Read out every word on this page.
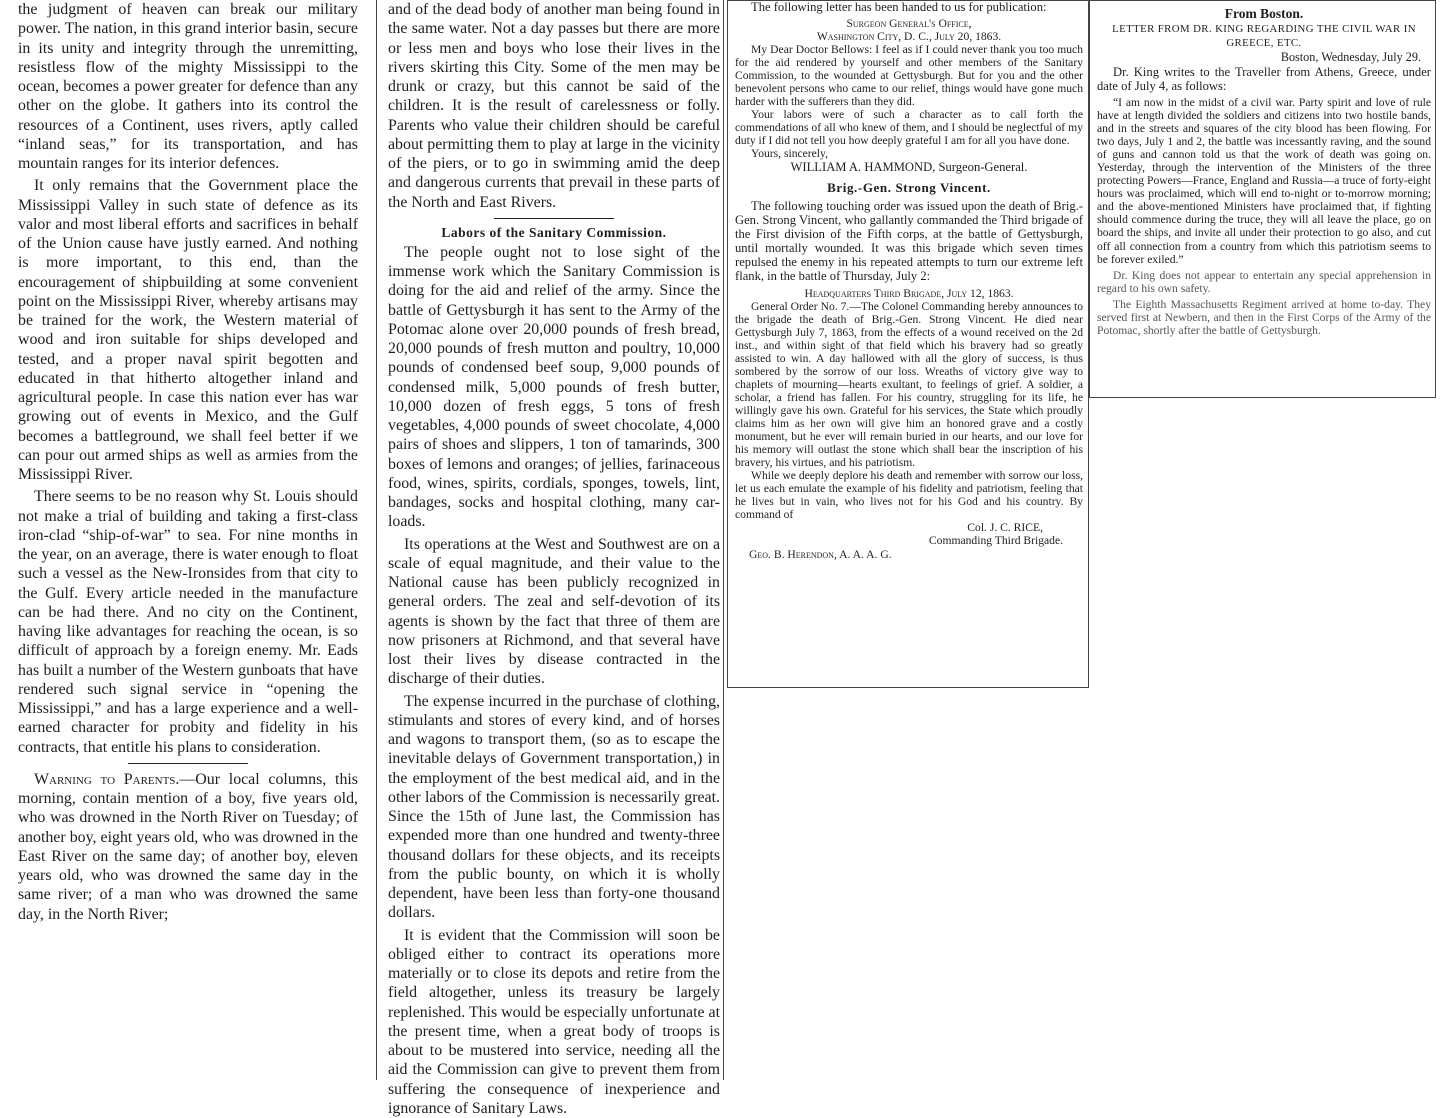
the judgment of heaven can break our military power. The nation, in this grand interior basin, secure in its unity and integrity through the unremitting, resistless flow of the mighty Mississippi to the ocean, becomes a power greater for defence than any other on the globe. It gathers into its control the resources of a Continent, uses rivers, aptly called “inland seas,” for its transportation, and has mountain ranges for its interior defences.

It only remains that the Government place the Mississippi Valley in such state of defence as its valor and most liberal efforts and sacrifices in behalf of the Union cause have justly earned. And nothing is more important, to this end, than the encouragement of shipbuilding at some convenient point on the Mississippi River, whereby artisans may be trained for the work, the Western material of wood and iron suitable for ships developed and tested, and a proper naval spirit begotten and educated in that hitherto altogether inland and agricultural people. In case this nation ever has war growing out of events in Mexico, and the Gulf becomes a battleground, we shall feel better if we can pour out armed ships as well as armies from the Mississippi River.

There seems to be no reason why St. Louis should not make a trial of building and taking a first-class iron-clad “ship-of-war” to sea. For nine months in the year, on an average, there is water enough to float such a vessel as the New-Ironsides from that city to the Gulf. Every article needed in the manufacture can be had there. And no city on the Continent, having like advantages for reaching the ocean, is so difficult of approach by a foreign enemy. Mr. Eads has built a number of the Western gunboats that have rendered such signal service in “opening the Mississippi,” and has a large experience and a well-earned character for probity and fidelity in his contracts, that entitle his plans to consideration.

Warning to Parents.—Our local columns, this morning, contain mention of a boy, five years old, who was drowned in the North River on Tuesday; of another boy, eight years old, who was drowned in the East River on the same day; of another boy, eleven years old, who was drowned the same day in the same river; of a man who was drowned the same day, in the North River;

and of the dead body of another man being found in the same water. Not a day passes but there are more or less men and boys who lose their lives in the rivers skirting this City. Some of the men may be drunk or crazy, but this cannot be said of the children. It is the result of carelessness or folly. Parents who value their children should be careful about permitting them to play at large in the vicinity of the piers, or to go in swimming amid the deep and dangerous currents that prevail in these parts of the North and East Rivers.

Labors of the Sanitary Commission.

The people ought not to lose sight of the immense work which the Sanitary Commission is doing for the aid and relief of the army. Since the battle of Gettysburgh it has sent to the Army of the Potomac alone over 20,000 pounds of fresh bread, 20,000 pounds of fresh mutton and poultry, 10,000 pounds of condensed beef soup, 9,000 pounds of condensed milk, 5,000 pounds of fresh butter, 10,000 dozen of fresh eggs, 5 tons of fresh vegetables, 4,000 pounds of sweet chocolate, 4,000 pairs of shoes and slippers, 1 ton of tamarinds, 300 boxes of lemons and oranges; of jellies, farinaceous food, wines, spirits, cordials, sponges, towels, lint, bandages, socks and hospital clothing, many car-loads.

Its operations at the West and Southwest are on a scale of equal magnitude, and their value to the National cause has been publicly recognized in general orders. The zeal and self-devotion of its agents is shown by the fact that three of them are now prisoners at Richmond, and that several have lost their lives by disease contracted in the discharge of their duties.

The expense incurred in the purchase of clothing, stimulants and stores of every kind, and of horses and wagons to transport them, (so as to escape the inevitable delays of Government transportation,) in the employment of the best medical aid, and in the other labors of the Commission is necessarily great. Since the 15th of June last, the Commission has expended more than one hundred and twenty-three thousand dollars for these objects, and its receipts from the public bounty, on which it is wholly dependent, have been less than forty-one thousand dollars.

It is evident that the Commission will soon be obliged either to contract its operations more materially or to close its depots and retire from the field altogether, unless its treasury be largely replenished. This would be especially unfortunate at the present time, when a great body of troops is about to be mustered into service, needing all the aid the Commission can give to prevent them from suffering the consequence of inexperience and ignorance of Sanitary Laws.

The following letter has been handed to us for publication:

Surgeon General's Office,

Washington City, D. C., July 20, 1863.

My Dear Doctor Bellows: I feel as if I could never thank you too much for the aid rendered by yourself and other members of the Sanitary Commission, to the wounded at Gettysburgh. But for you and the other benevolent persons who came to our relief, things would have gone much harder with the sufferers than they did.

Your labors were of such a character as to call forth the commendations of all who knew of them, and I should be neglectful of my duty if I did not tell you how deeply grateful I am for all you have done.

Yours, sincerely,

WILLIAM A. HAMMOND, Surgeon-General.

Brig.-Gen. Strong Vincent.

The following touching order was issued upon the death of Brig.-Gen. Strong Vincent, who gallantly commanded the Third brigade of the First division of the Fifth corps, at the battle of Gettysburgh, until mortally wounded. It was this brigade which seven times repulsed the enemy in his repeated attempts to turn our extreme left flank, in the battle of Thursday, July 2:

Headquarters Third Brigade, July 12, 1863.

General Order No. 7.—The Colonel Commanding hereby announces to the brigade the death of Brig.-Gen. Strong Vincent. He died near Gettysburgh July 7, 1863, from the effects of a wound received on the 2d inst., and within sight of that field which his bravery had so greatly assisted to win. A day hallowed with all the glory of success, is thus sombered by the sorrow of our loss. Wreaths of victory give way to chaplets of mourning—hearts exultant, to feelings of grief. A soldier, a scholar, a friend has fallen. For his country, struggling for its life, he willingly gave his own. Grateful for his services, the State which proudly claims him as her own will give him an honored grave and a costly monument, but he ever will remain buried in our hearts, and our love for his memory will outlast the stone which shall bear the inscription of his bravery, his virtues, and his patriotism.

While we deeply deplore his death and remember with sorrow our loss, let us each emulate the example of his fidelity and patriotism, feeling that he lives but in vain, who lives not for his God and his country. By command of

Col. J. C. RICE,

Commanding Third Brigade.

Geo. B. Herendon, A. A. A. G.

From Boston.
LETTER FROM DR. KING REGARDING THE CIVIL WAR IN GREECE, ETC.

Boston, Wednesday, July 29.

Dr. King writes to the Traveller from Athens, Greece, under date of July 4, as follows:

“I am now in the midst of a civil war. Party spirit and love of rule have at length divided the soldiers and citizens into two hostile bands, and in the streets and squares of the city blood has been flowing. For two days, July 1 and 2, the battle was incessantly raving, and the sound of guns and cannon told us that the work of death was going on. Yesterday, through the intervention of the Ministers of the three protecting Powers—France, England and Russia—a truce of forty-eight hours was proclaimed, which will end to-night or to-morrow morning; and the above-mentioned Ministers have proclaimed that, if fighting should commence during the truce, they will all leave the place, go on board the ships, and invite all under their protection to go also, and cut off all connection from a country from which this patriotism seems to be forever exiled.”

Dr. King does not appear to entertain any special apprehension in regard to his own safety.

The Eighth Massachusetts Regiment arrived at home to-day. They served first at Newbern, and then in the First Corps of the Army of the Potomac, shortly after the battle of Gettysburgh.
